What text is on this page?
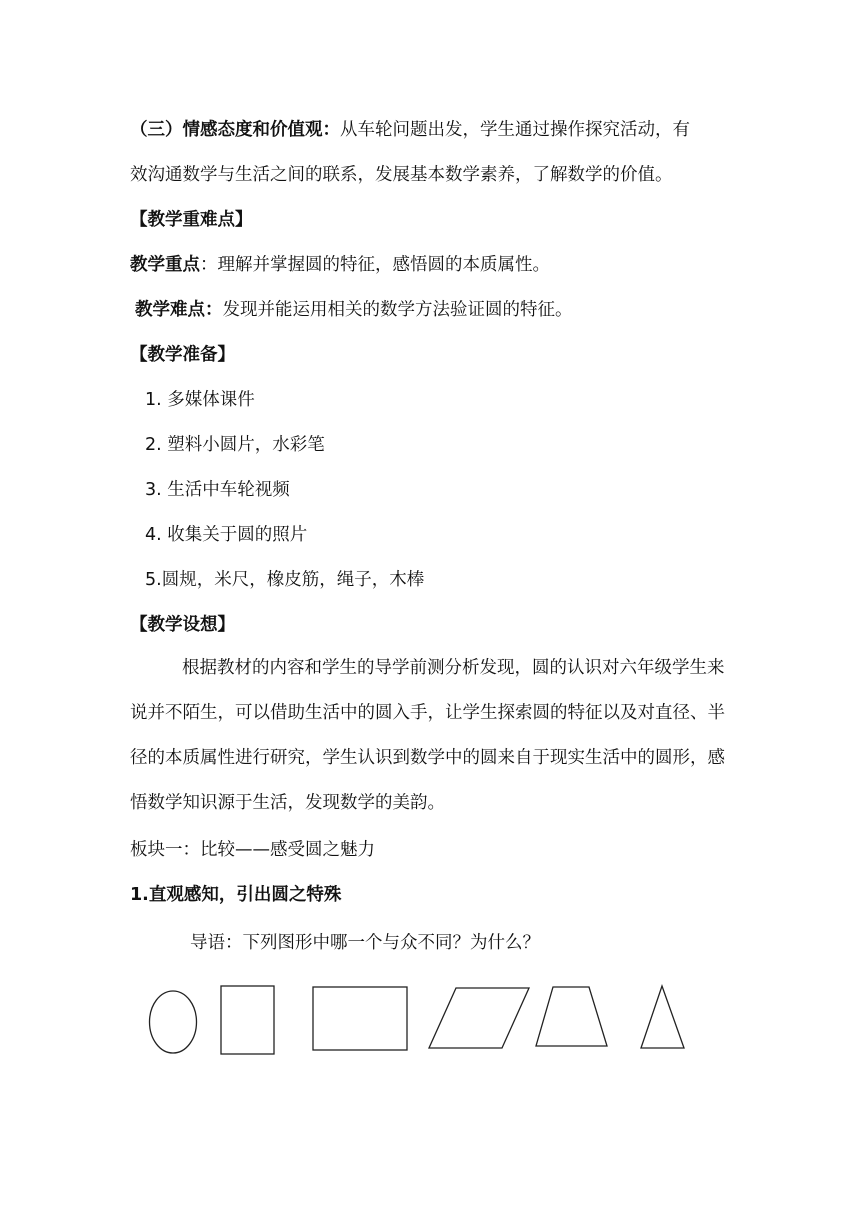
（三）情感态度和价值观：从车轮问题出发，学生通过操作探究活动，有
效沟通数学与生活之间的联系，发展基本数学素养，了解数学的价值。
【教学重难点】
教学重点：理解并掌握圆的特征，感悟圆的本质属性。
教学难点：发现并能运用相关的数学方法验证圆的特征。
【教学准备】
1. 多媒体课件
2. 塑料小圆片，水彩笔
3. 生活中车轮视频
4. 收集关于圆的照片
5.圆规，米尺，橡皮筋，绳子，木棒
【教学设想】
根据教材的内容和学生的导学前测分析发现，圆的认识对六年级学生来说并不陌生，可以借助生活中的圆入手，让学生探索圆的特征以及对直径、半径的本质属性进行研究，学生认识到数学中的圆来自于现实生活中的圆形，感悟数学知识源于生活，发现数学的美韵。
板块一：比较——感受圆之魅力
1.直观感知，引出圆之特殊
导语：下列图形中哪一个与众不同？为什么？
